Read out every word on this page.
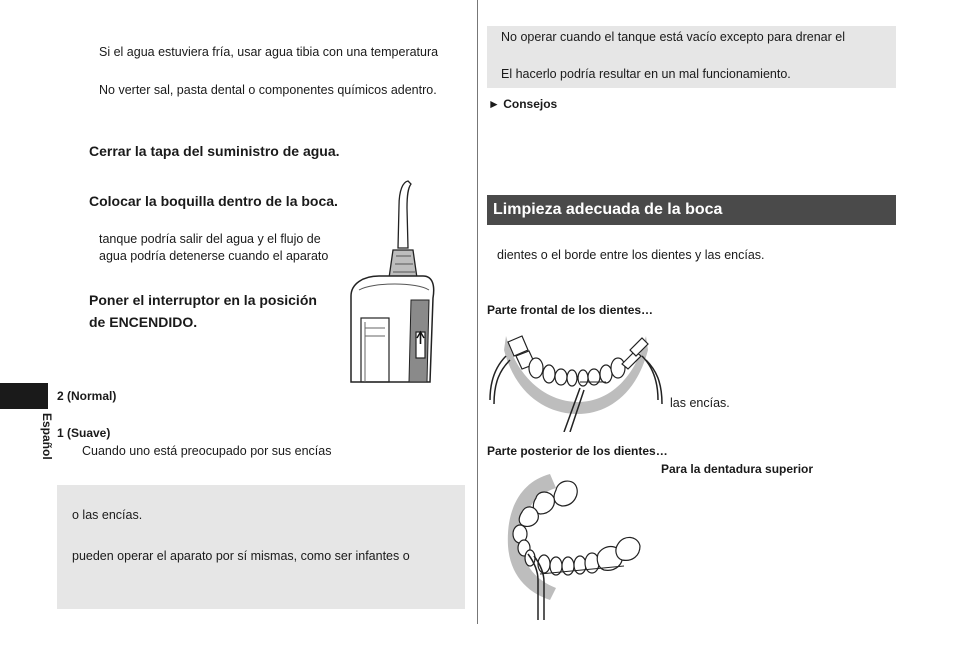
Si el agua estuviera fría, usar agua tibia con una temperatura
No verter sal, pasta dental o componentes químicos adentro.
Cerrar la tapa del suministro de agua.
Colocar la boquilla dentro de la boca.
tanque podría salir del agua y el flujo de
agua podría detenerse cuando el aparato
Poner el interruptor en la posición
de ENCENDIDO.
Español
2 (Normal)
1 (Suave)
Cuando uno está preocupado por sus encías
o las encías.
pueden operar el aparato por sí mismas, como ser infantes o
No operar cuando el tanque está vacío excepto para drenar el
El hacerlo podría resultar en un mal funcionamiento.
► Consejos
Limpieza adecuada de la boca
dientes o el borde entre los dientes y las encías.
Parte frontal de los dientes…
las encías.
Parte posterior de los dientes…
Para la dentadura superior
